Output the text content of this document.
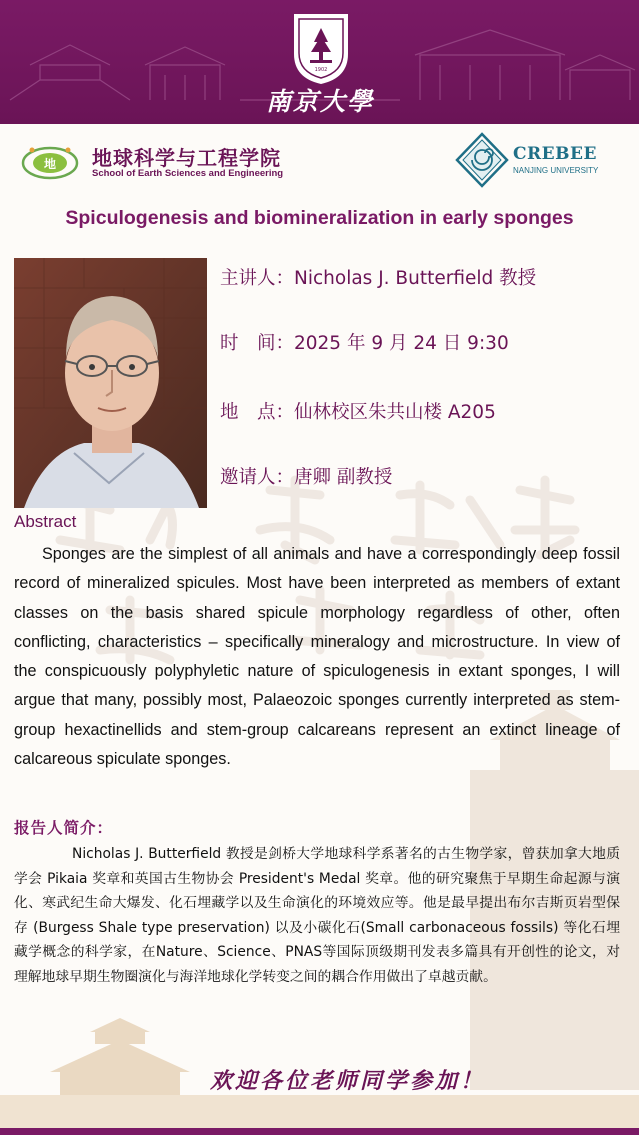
1902
南京大學
地 地球科学与工程学院
School of Earth Sciences and Engineering
CREBEE
NANJING UNIVERSITY
Spiculogenesis and biomineralization in early sponges
主讲人：Nicholas J. Butterfield 教授
时　间：2025 年 9 月 24 日 9:30
地　点：仙林校区朱共山楼 A205
邀请人：唐卿 副教授
Abstract

Sponges are the simplest of all animals and have a correspondingly deep fossil record of mineralized spicules. Most have been interpreted as members of extant classes on the basis shared spicule morphology regardless of other, often conflicting, characteristics – specifically mineralogy and microstructure. In view of the conspicuously polyphyletic nature of spiculogenesis in extant sponges, I will argue that many, possibly most, Palaeozoic sponges currently interpreted as stem-group hexactinellids and stem-group calcareans represent an extinct lineage of calcareous spiculate sponges.

报告人简介：

Nicholas J. Butterfield 教授是剑桥大学地球科学系著名的古生物学家，曾获加拿大地质学会 Pikaia 奖章和英国古生物协会 President's Medal 奖章。他的研究聚焦于早期生命起源与演化、寒武纪生命大爆发、化石埋藏学以及生命演化的环境效应等。他是最早提出布尔吉斯页岩型保存 (Burgess Shale type preservation) 以及小碳化石(Small carbonaceous fossils) 等化石埋藏学概念的科学家，在Nature、Science、PNAS等国际顶级期刊发表多篇具有开创性的论文，对理解地球早期生物圈演化与海洋地球化学转变之间的耦合作用做出了卓越贡献。

欢迎各位老师同学参加！
